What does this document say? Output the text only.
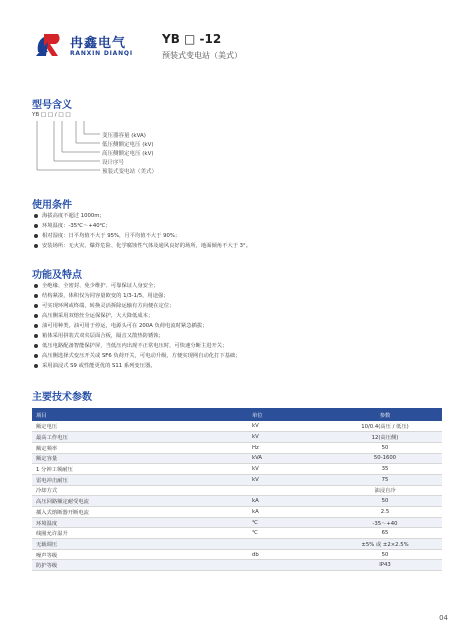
冉鑫电气
RANXIN DIANQI
YB □ -12
预装式变电站（美式）
型号含义
YB □ □ / □ □
变压器容量 (kVA)
低压侧额定电压 (kV)
高压侧额定电压 (kV)
设计序号
预装式变电站（美式）
使用条件
海拔高度不超过 1000m；
环境温度：-35℃～+40℃；
相对湿度：日平均值不大于 95%，月平均值不大于 90%；
安装场所：无火灾、爆炸危险、化学腐蚀性气体及通风良好的场所，地面倾角不大于 3°。
功能及特点
全绝缘、全密封、免少维护、可靠保证人身安全；
结构紧凑，体积仅为同容量欧变的 1/3-1/5，用途强；
可实现环网或终端，转换灵活拆除运输有方向便在定位；
高压侧采用双熔丝全运保保护，大大降低成本；
油可用种类，油可用于停运，电源头可在 200A 负荷电流时紧急插拔；
箱体采用拼装式双夹层面合板，隔音又散热防锈蚀；
低压电路配备智能保护屏，当低压内出现不正常电压时，可快速分断主进开关；
高压侧选择式变压开关或 SF6 负荷开关，可电动升级，方便实现网自动化打下基础；
采用油浸式 S9 或性能更优的 S11 系列变压器。
主要技术参数
项目	单位	参数
额定电压	kV	10/0.4(高压 / 低压)
最高工作电压	kV	12(高压侧)
额定频率	Hz	50
额定容量	kVA	50-1600
1 分钟工频耐压	kV	35
雷电冲击耐压	kV	75
冷却方式		油浸自冷
高压回路额定耐受电流	kA	50
插入式熔断器开断电流	kA	2.5
环境温度	℃	-35～+40
线圈允许温升	℃	65
无载调压		±5% 或 ±2×2.5%
噪声等级	db	50
防护等级		IP43
04
